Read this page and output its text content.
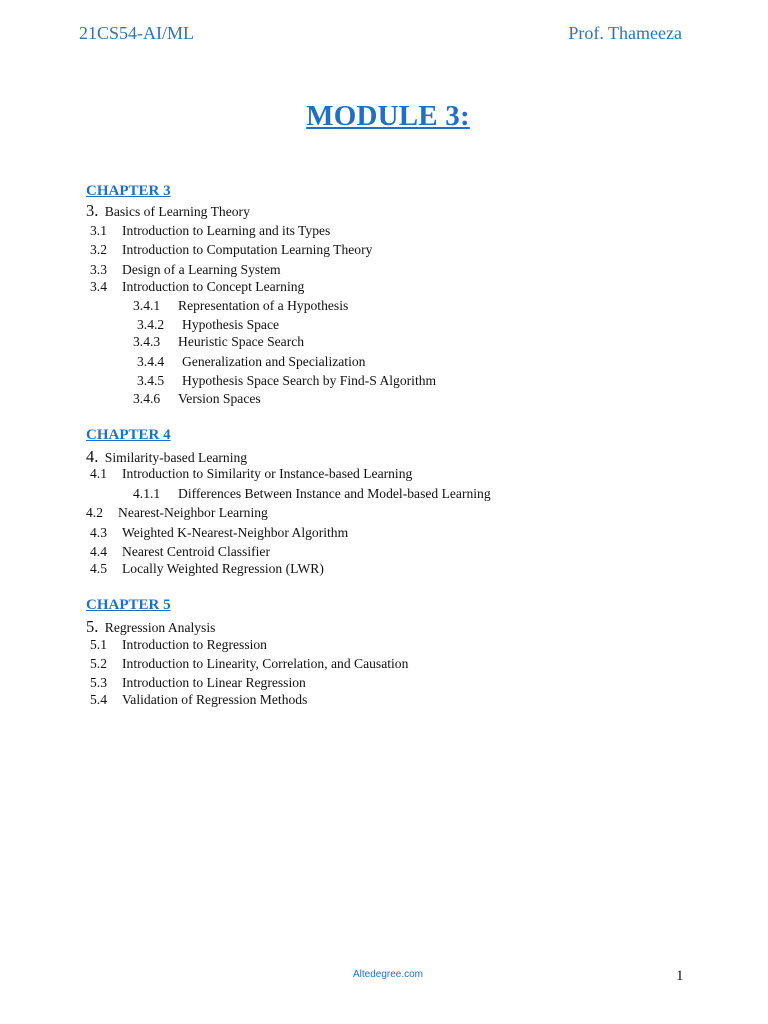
21CS54-AI/ML	Prof. Thameeza
MODULE 3:
CHAPTER 3
3. Basics of Learning Theory
3.1 Introduction to Learning and its Types
3.2 Introduction to Computation Learning Theory
3.3 Design of a Learning System
3.4 Introduction to Concept Learning
3.4.1 Representation of a Hypothesis
3.4.2 Hypothesis Space
3.4.3 Heuristic Space Search
3.4.4 Generalization and Specialization
3.4.5 Hypothesis Space Search by Find-S Algorithm
3.4.6 Version Spaces
CHAPTER 4
4. Similarity-based Learning
4.1 Introduction to Similarity or Instance-based Learning
4.1.1 Differences Between Instance and Model-based Learning
4.2 Nearest-Neighbor Learning
4.3 Weighted K-Nearest-Neighbor Algorithm
4.4 Nearest Centroid Classifier
4.5 Locally Weighted Regression (LWR)
CHAPTER 5
5. Regression Analysis
5.1 Introduction to Regression
5.2 Introduction to Linearity, Correlation, and Causation
5.3 Introduction to Linear Regression
5.4 Validation of Regression Methods
Altedegree.com	1
